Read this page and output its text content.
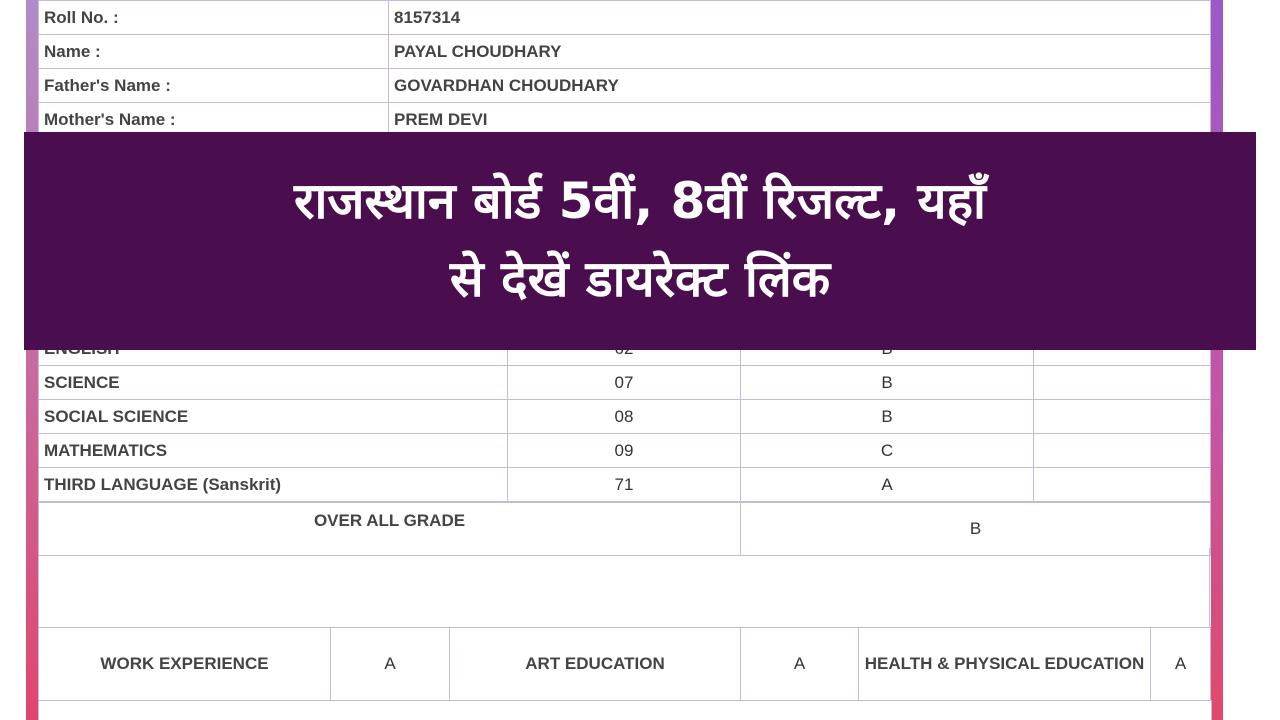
Roll No. :	8157314
Name :	PAYAL CHOUDHARY
Father's Name :	GOVARDHAN CHOUDHARY
Mother's Name :	PREM DEVI

SCIENCE	07	B	
SOCIAL SCIENCE	08	B	
MATHEMATICS	09	C	
THIRD LANGUAGE (Sanskrit)	71	A	
OVER ALL GRADE	B
WORK EXPERIENCE	A	ART EDUCATION	A	HEALTH & PHYSICAL EDUCATION	A
राजस्थान बोर्ड 5वीं, 8वीं रिजल्ट, यहाँ
से देखें डायरेक्ट लिंक
